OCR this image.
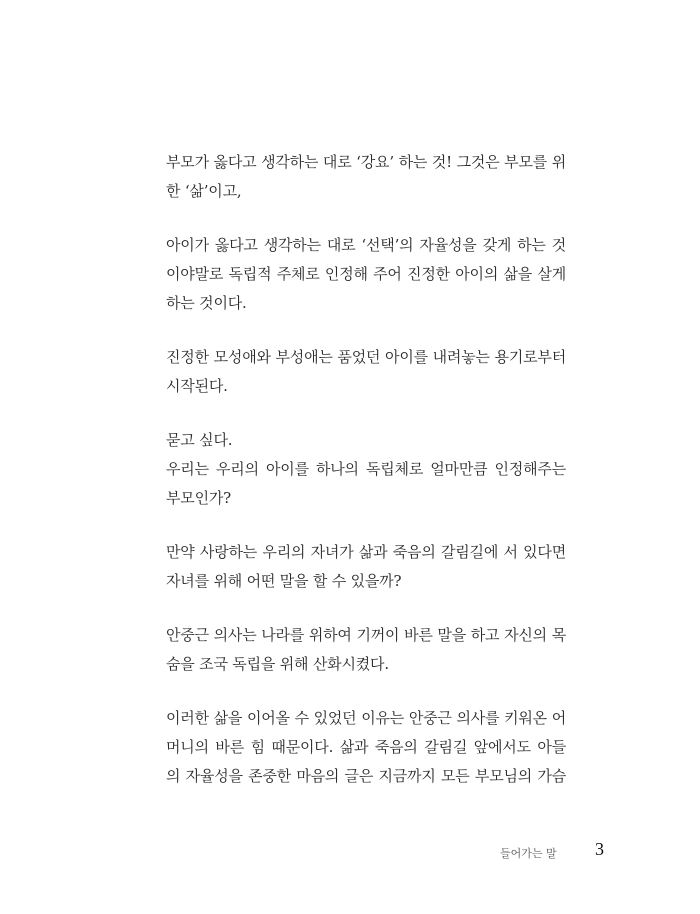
부모가 옳다고 생각하는 대로 ‘강요’ 하는 것! 그것은 부모를 위
한 ‘삶’이고,
아이가 옳다고 생각하는 대로 ‘선택’의 자율성을 갖게 하는 것
이야말로 독립적 주체로 인정해 주어 진정한 아이의 삶을 살게
하는 것이다.
진정한 모성애와 부성애는 품었던 아이를 내려놓는 용기로부터
시작된다.
묻고 싶다.
우리는 우리의 아이를 하나의 독립체로 얼마만큼 인정해주는
부모인가?
만약 사랑하는 우리의 자녀가 삶과 죽음의 갈림길에 서 있다면
자녀를 위해 어떤 말을 할 수 있을까?
안중근 의사는 나라를 위하여 기꺼이 바른 말을 하고 자신의 목
숨을 조국 독립을 위해 산화시켰다.
이러한 삶을 이어올 수 있었던 이유는 안중근 의사를 키워온 어
머니의 바른 힘 때문이다. 삶과 죽음의 갈림길 앞에서도 아들
의 자율성을 존중한 마음의 글은 지금까지 모든 부모님의 가슴
들어가는 말 3
